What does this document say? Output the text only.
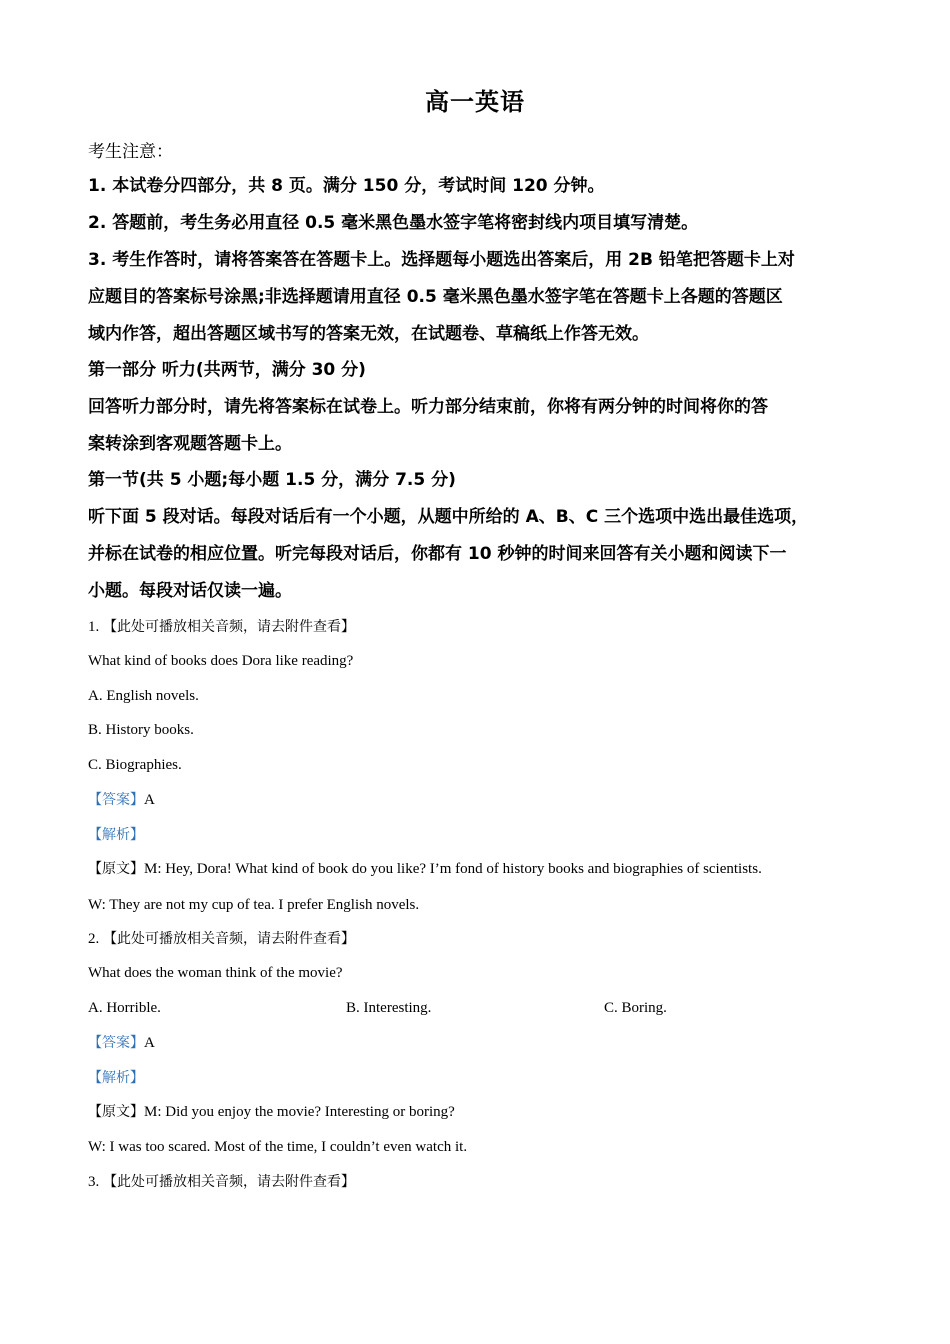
高一英语
考生注意：
1. 本试卷分四部分，共 8 页。满分 150 分，考试时间 120 分钟。
2. 答题前，考生务必用直径 0.5 毫米黑色墨水签字笔将密封线内项目填写清楚。
3. 考生作答时，请将答案答在答题卡上。选择题每小题选出答案后，用 2B 铅笔把答题卡上对
应题目的答案标号涂黑;非选择题请用直径 0.5 毫米黑色墨水签字笔在答题卡上各题的答题区
域内作答，超出答题区域书写的答案无效，在试题卷、草稿纸上作答无效。
第一部分 听力(共两节，满分 30 分)
回答听力部分时，请先将答案标在试卷上。听力部分结束前，你将有两分钟的时间将你的答
案转涂到客观题答题卡上。
第一节(共 5 小题;每小题 1.5 分，满分 7.5 分)
听下面 5 段对话。每段对话后有一个小题，从题中所给的 A、B、C 三个选项中选出最佳选项，
并标在试卷的相应位置。听完每段对话后，你都有 10 秒钟的时间来回答有关小题和阅读下一
小题。每段对话仅读一遍。
1. 【此处可播放相关音频，请去附件查看】
What kind of books does Dora like reading?
A. English novels.
B. History books.
C. Biographies.
【答案】A
【解析】
【原文】M: Hey, Dora! What kind of book do you like? I’m fond of history books and biographies of scientists.
W: They are not my cup of tea. I prefer English novels.
2. 【此处可播放相关音频，请去附件查看】
What does the woman think of the movie?
A. Horrible.	B. Interesting.	C. Boring.
【答案】A
【解析】
【原文】M: Did you enjoy the movie? Interesting or boring?
W: I was too scared. Most of the time, I couldn’t even watch it.
3. 【此处可播放相关音频，请去附件查看】
